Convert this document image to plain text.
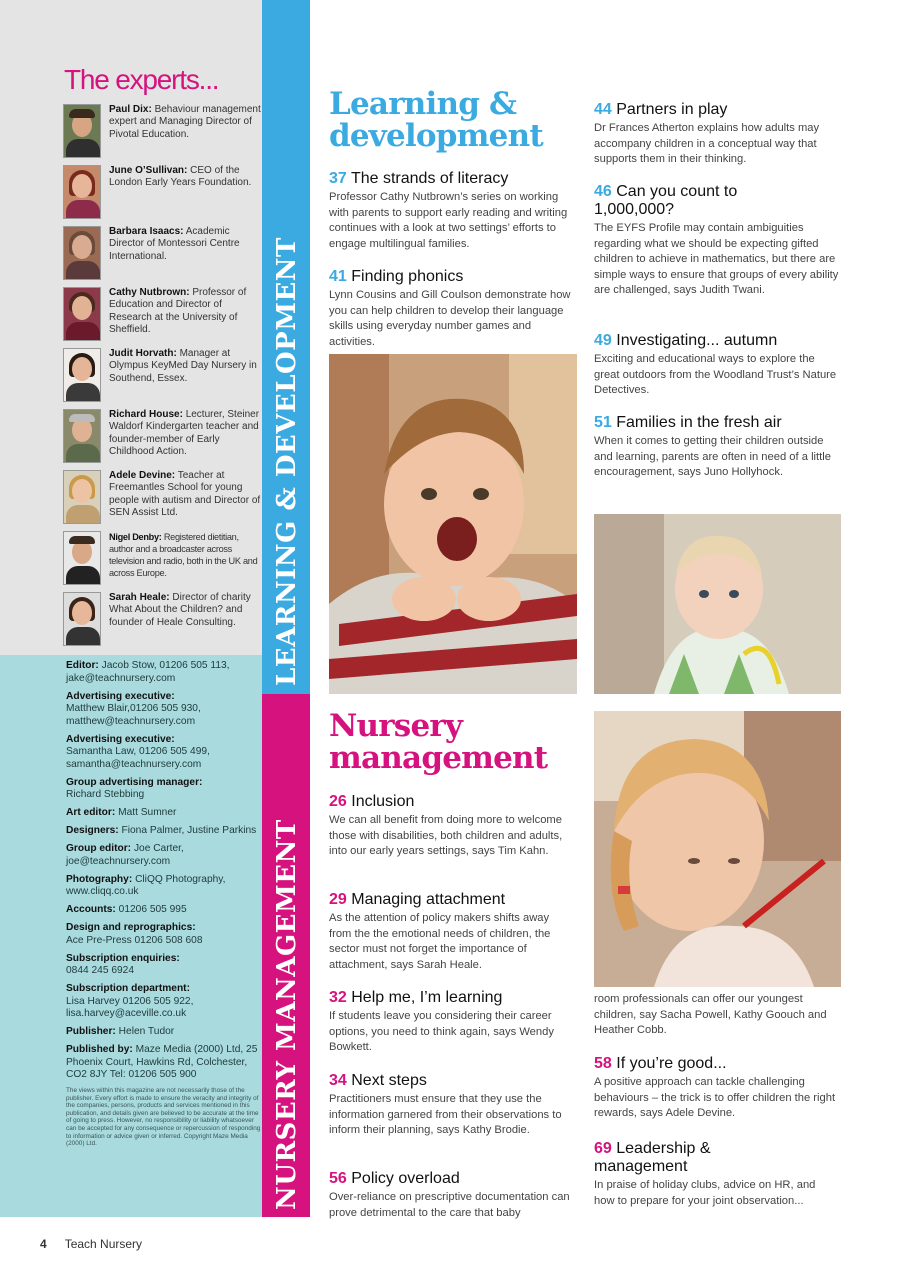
The experts...
Paul Dix: Behaviour management expert and Managing Director of Pivotal Education.
June O’Sullivan: CEO of the London Early Years Foundation.
Barbara Isaacs: Academic Director of Montessori Centre International.
Cathy Nutbrown: Professor of Education and Director of Research at the University of Sheffield.
Judit Horvath: Manager at Olympus KeyMed Day Nursery in Southend, Essex.
Richard House: Lecturer, Steiner Waldorf Kindergarten teacher and founder-member of Early Childhood Action.
Adele Devine: Teacher at Freemantles School for young people with autism and Director of SEN Assist Ltd.
Nigel Denby: Registered dietitian, author and a broadcaster across television and radio, both in the UK and across Europe.
Sarah Heale: Director of charity What About the Children? and founder of Heale Consulting.
Editor: Jacob Stow, 01206 505 113, jake@teachnursery.com
Advertising executive:
Matthew Blair,01206 505 930, matthew@teachnursery.com
Advertising executive:
Samantha Law, 01206 505 499, samantha@teachnursery.com
Group advertising manager:
Richard Stebbing
Art editor: Matt Sumner
Designers: Fiona Palmer, Justine Parkins
Group editor: Joe Carter, joe@teachnursery.com
Photography: CliQQ Photography, www.cliqq.co.uk
Accounts: 01206 505 995
Design and reprographics:
Ace Pre-Press 01206 508 608
Subscription enquiries:
0844 245 6924
Subscription department:
Lisa Harvey 01206 505 922, lisa.harvey@aceville.co.uk
Publisher: Helen Tudor
Published by: Maze Media (2000) Ltd, 25 Phoenix Court, Hawkins Rd, Colchester, CO2 8JY Tel: 01206 505 900
The views within this magazine are not necessarily those of the publisher. Every effort is made to ensure the veracity and integrity of the companies, persons, products and services mentioned in this publication, and details given are believed to be accurate at the time of going to press. However, no responsibility or liability whatsoever can be accepted for any consequence or repercussion of responding to information or advice given or inferred. Copyright Maze Media (2000) Ltd.
LEARNING & DEVELOPMENT
NURSERY MANAGEMENT
Learning &
development
37 The strands of literacy
Professor Cathy Nutbrown’s series on working with parents to support early reading and writing continues with a look at two settings’ efforts to engage multilingual families.
41 Finding phonics
Lynn Cousins and Gill Coulson demonstrate how you can help children to develop their language skills using everyday number games and activities.
44 Partners in play
Dr Frances Atherton explains how adults may accompany children in a conceptual way that supports them in their thinking.
46 Can you count to
1,000,000?
The EYFS Profile may contain ambiguities regarding what we should be expecting gifted children to achieve in mathematics, but there are simple ways to ensure that groups of every ability are challenged, says Judith Twani.
49 Investigating... autumn
Exciting and educational ways to explore the great outdoors from the Woodland Trust’s Nature Detectives.
51 Families in the fresh air
When it comes to getting their children outside and learning, parents are often in need of a little encouragement, says Juno Hollyhock.
Nursery
management
26 Inclusion
We can all benefit from doing more to welcome those with disabilities, both children and adults, into our early years settings, says Tim Kahn.
29 Managing attachment
As the attention of policy makers shifts away from the the emotional needs of children, the sector must not forget the importance of attachment, says Sarah Heale.
32 Help me, I’m learning
If students leave you considering their career options, you need to think again, says Wendy Bowkett.
34 Next steps
Practitioners must ensure that they use the information garnered from their observations to inform their planning, says Kathy Brodie.
56 Policy overload
Over-reliance on prescriptive documentation can prove detrimental to the care that baby
room professionals can offer our youngest children, say Sacha Powell, Kathy Goouch and Heather Cobb.
58 If you’re good...
A positive approach can tackle challenging behaviours – the trick is to offer children the right rewards, says Adele Devine.
69 Leadership &
management
In praise of holiday clubs, advice on HR, and how to prepare for your joint observation...
4 Teach Nursery
